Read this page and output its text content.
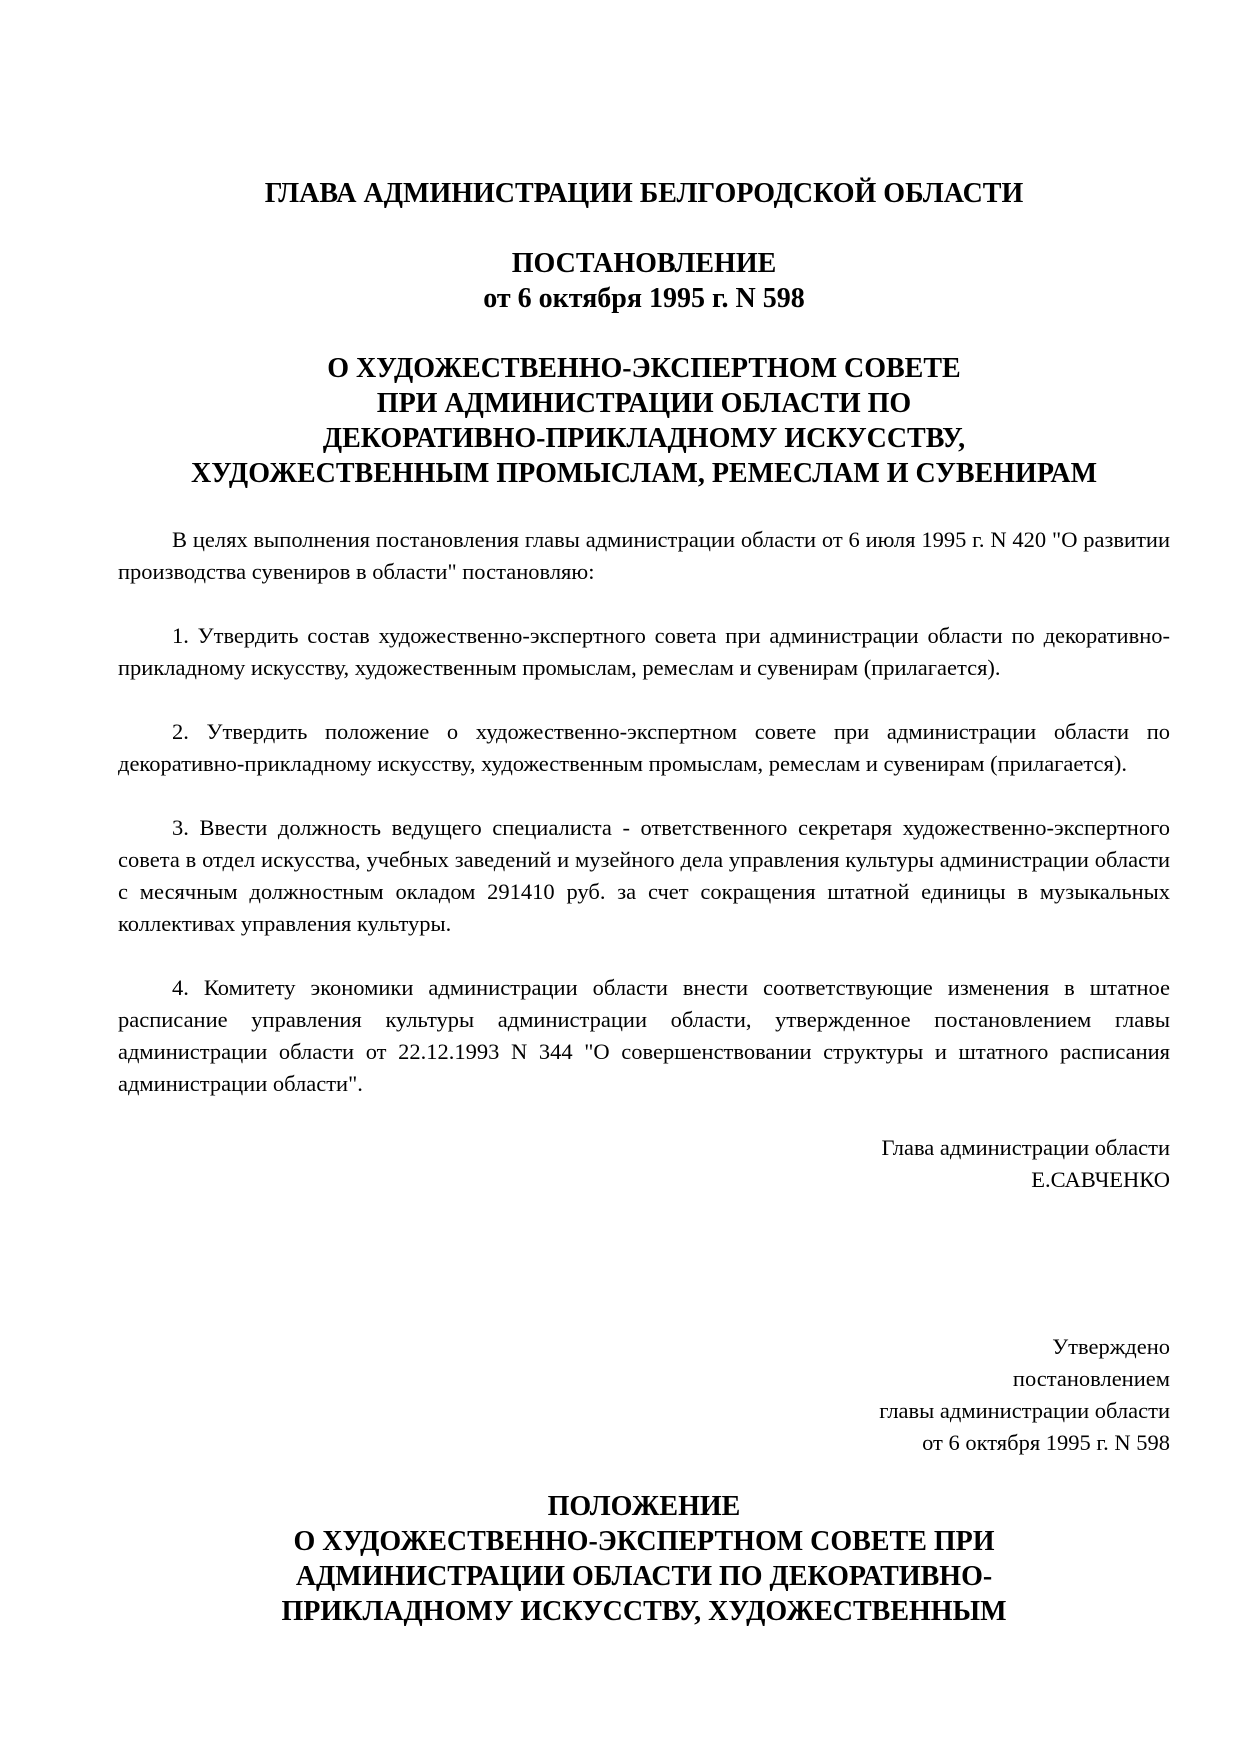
ГЛАВА АДМИНИСТРАЦИИ БЕЛГОРОДСКОЙ ОБЛАСТИ

ПОСТАНОВЛЕНИЕ

от 6 октября 1995 г. N 598

О ХУДОЖЕСТВЕННО-ЭКСПЕРТНОМ СОВЕТЕ

ПРИ АДМИНИСТРАЦИИ ОБЛАСТИ ПО

ДЕКОРАТИВНО-ПРИКЛАДНОМУ ИСКУССТВУ,

ХУДОЖЕСТВЕННЫМ ПРОМЫСЛАМ, РЕМЕСЛАМ И СУВЕНИРАМ

В целях выполнения постановления главы администрации области от 6 июля 1995 г. N 420 "О развитии производства сувениров в области" постановляю:

1. Утвердить состав художественно-экспертного совета при администрации области по декоративно-прикладному искусству, художественным промыслам, ремеслам и сувенирам (прилагается).

2. Утвердить положение о художественно-экспертном совете при администрации области по декоративно-прикладному искусству, художественным промыслам, ремеслам и сувенирам (прилагается).

3. Ввести должность ведущего специалиста - ответственного секретаря художественно-экспертного совета в отдел искусства, учебных заведений и музейного дела управления культуры администрации области с месячным должностным окладом 291410 руб. за счет сокращения штатной единицы в музыкальных коллективах управления культуры.

4. Комитету экономики администрации области внести соответствующие изменения в штатное расписание управления культуры администрации области, утвержденное постановлением главы администрации области от 22.12.1993 N 344 "О совершенствовании структуры и штатного расписания администрации области".

Глава администрации области
Е.САВЧЕНКО
Утверждено
постановлением
главы администрации области
от 6 октября 1995 г. N 598

ПОЛОЖЕНИЕ

О ХУДОЖЕСТВЕННО-ЭКСПЕРТНОМ СОВЕТЕ ПРИ

АДМИНИСТРАЦИИ ОБЛАСТИ ПО ДЕКОРАТИВНО-

ПРИКЛАДНОМУ ИСКУССТВУ, ХУДОЖЕСТВЕННЫМ
